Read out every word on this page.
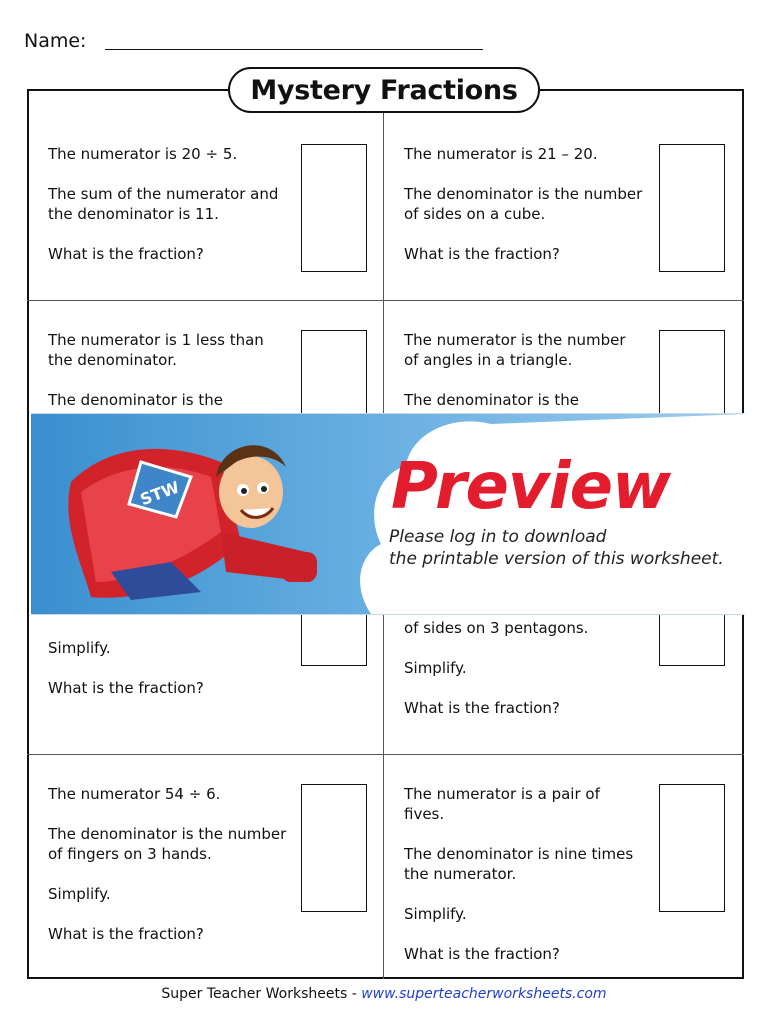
Name:
Mystery Fractions

The numerator is 20 ÷ 5.

The sum of the numerator and the denominator is 11.

What is the fraction?

The numerator is 21 – 20.

The denominator is the number of sides on a cube.

What is the fraction?

The numerator is 1 less than the denominator.

The denominator is the

The numerator is the number of angles in a triangle.

The denominator is the

Simplify.

What is the fraction?

of sides on 3 pentagons.

Simplify.

What is the fraction?

The numerator 54 ÷ 6.

The denominator is the number of fingers on 3 hands.

Simplify.

What is the fraction?

The numerator is a pair of fives.

The denominator is nine times the numerator.

Simplify.

What is the fraction?

STW	Preview
Please log in to download
the printable version of this worksheet.
Super Teacher Worksheets - www.superteacherworksheets.com
